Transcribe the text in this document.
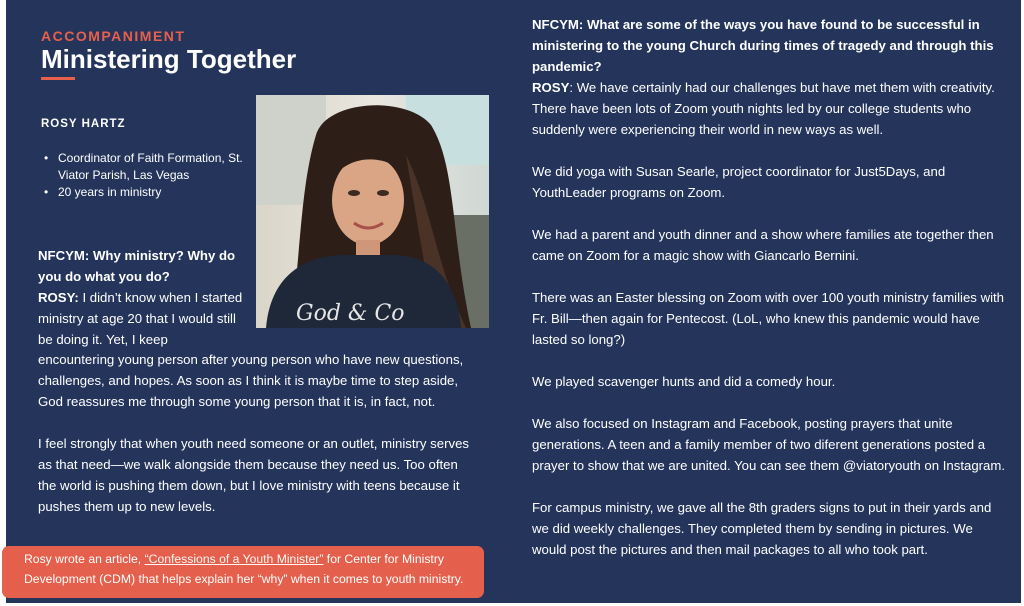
ACCOMPANIMENT
Ministering Together
ROSY HARTZ
• Coordinator of Faith Formation, St. Viator Parish, Las Vegas
• 20 years in ministry
God & Co

NFCYM: Why ministry? Why do you do what you do?
ROSY: I didn’t know when I started ministry at age 20 that I would still be doing it. Yet, I keep

encountering young person after young person who have new questions, challenges, and hopes. As soon as I think it is maybe time to step aside, God reassures me through some young person that it is, in fact, not.

I feel strongly that when youth need someone or an outlet, ministry serves as that need—we walk alongside them because they need us. Too often the world is pushing them down, but I love ministry with teens because it pushes them up to new levels.

NFCYM: What are some of the ways you have found to be successful in ministering to the young Church during times of tragedy and through this pandemic?

ROSY: We have certainly had our challenges but have met them with creativity. There have been lots of Zoom youth nights led by our college students who suddenly were experiencing their world in new ways as well.

We did yoga with Susan Searle, project coordinator for Just5Days, and YouthLeader programs on Zoom.

We had a parent and youth dinner and a show where families ate together then came on Zoom for a magic show with Giancarlo Bernini.

There was an Easter blessing on Zoom with over 100 youth ministry families with Fr. Bill—then again for Pentecost. (LoL, who knew this pandemic would have lasted so long?)

We played scavenger hunts and did a comedy hour.

We also focused on Instagram and Facebook, posting prayers that unite generations. A teen and a family member of two diferent generations posted a prayer to show that we are united. You can see them @viatoryouth on Instagram.

For campus ministry, we gave all the 8th graders signs to put in their yards and we did weekly challenges. They completed them by sending in pictures. We would post the pictures and then mail packages to all who took part.

Rosy wrote an article, “Confessions of a Youth Minister” for Center for Ministry Development (CDM) that helps explain her “why” when it comes to youth ministry.
